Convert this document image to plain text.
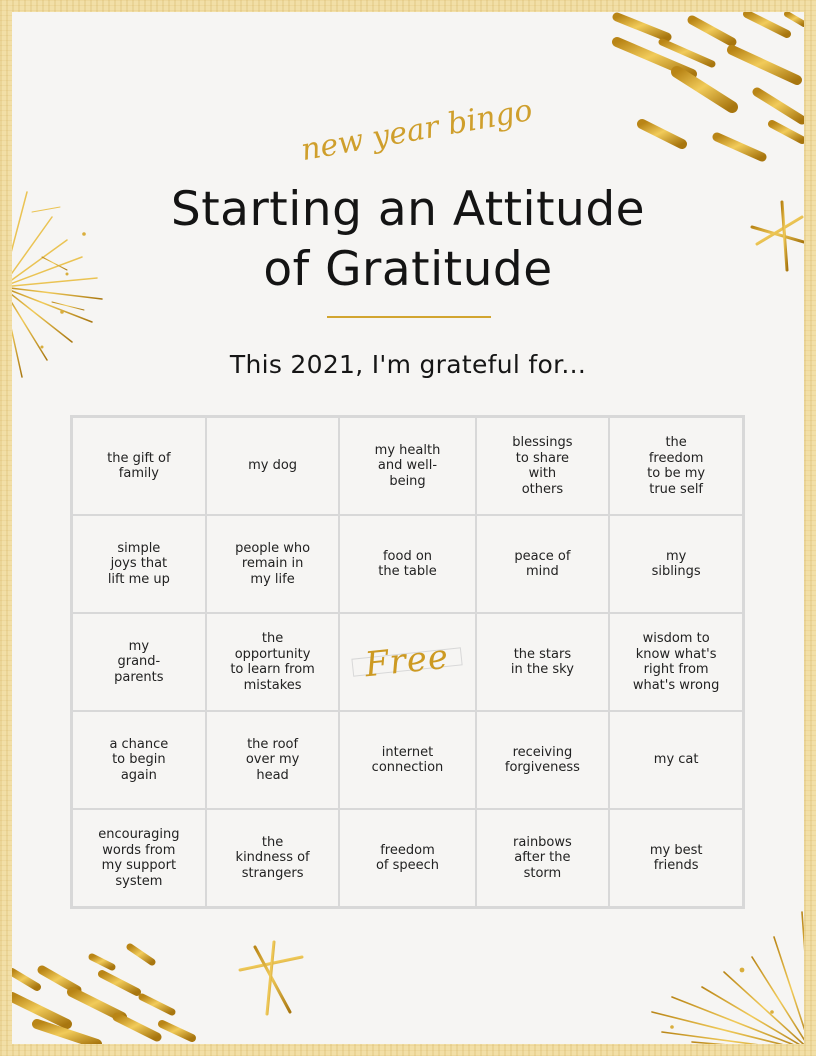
new year bingo
Starting an Attitude
of Gratitude
This 2021, I'm grateful for...
the gift of
family
my dog
my health
and well-
being
blessings
to share
with
others
the
freedom
to be my
true self
simple
joys that
lift me up
people who
remain in
my life
food on
the table
peace of
mind
my
siblings
my
grand-
parents
the
opportunity
to learn from
mistakes	Free	the stars
in the sky
wisdom to
know what's
right from
what's wrong
a chance
to begin
again
the roof
over my
head
internet
connection
receiving
forgiveness
my cat
encouraging
words from
my support
system
the
kindness of
strangers
freedom
of speech
rainbows
after the
storm
my best
friends
